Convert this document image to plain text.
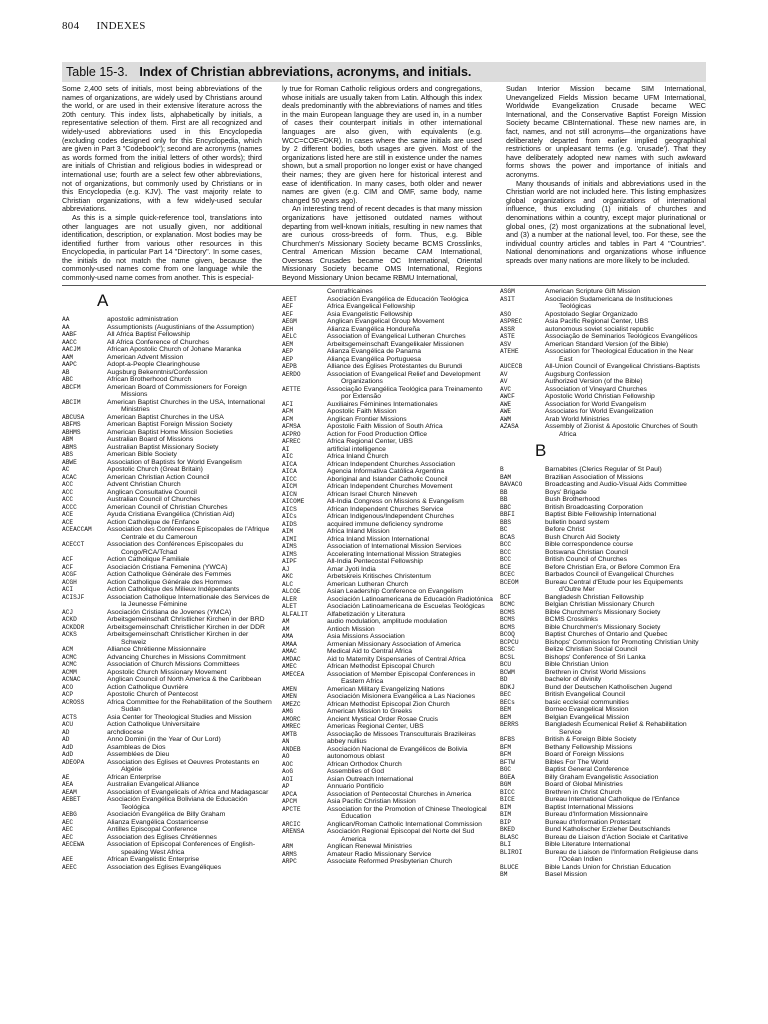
804 INDEXES
Table 15-3. Index of Christian abbreviations, acronyms, and initials.

Some 2,400 sets of initials, most being abbreviations of the names of organizations, are widely used by Christians around the world, or are used in their extensive literature across the 20th century. This index lists, alphabetically by initials, a representative selection of them. First are all recognized and widely-used abbreviations used in this Encyclopedia (excluding codes designed only for this Encyclopedia, which are given in Part 3 "Codebook"); second are acronyms (names as words formed from the initial letters of other words); third are initials of Christian and religious bodies in widespread or international use; fourth are a select few other abbreviations, not of organizations, but commonly used by Christians or in this Encyclopedia (e.g. KJV). The vast majority relate to Christian organizations, with a few widely-used secular abbreviations.

As this is a simple quick-reference tool, translations into other languages are not usually given, nor additional identification, description, or explanation. Most bodies may be identified further from various other resources in this Encyclopedia, in particular Part 14 "Directory". In some cases, the initials do not match the name given, because the commonly-used names come from one language while the commonly-used name comes from another. This is especial-

ly true for Roman Catholic religious orders and congregations, whose initials are usually taken from Latin. Although this index deals predominantly with the abbreviations of names and titles in the main European language they are used in, in a number of cases their counterpart initials in other international languages are also given, with equivalents (e.g. WCC=COE=OKR). In cases where the same initials are used by 2 different bodies, both usages are given. Most of the organizations listed here are still in existence under the names shown, but a small proportion no longer exist or have changed their names; they are given here for historical interest and ease of identification. In many cases, both older and newer names are given (e.g. CIM and OMF, same body, name changed 50 years ago).

An interesting trend of recent decades is that many mission organizations have jettisoned outdated names without departing from well-known initials, resulting in new names that are curious cross-breeds of form. Thus, e.g. Bible Churchmen's Missionary Society became BCMS Crosslinks, Central American Mission became CAM International, Overseas Crusades became OC International, Oriental Missionary Society became OMS International, Regions Beyond Missionary Union became RBMU International,

Sudan Interior Mission became SIM International, Unevangelized Fields Mission became UFM International, Worldwide Evangelization Crusade became WEC International, and the Conservative Baptist Foreign Mission Society became CBInternational. These new names are, in fact, names, and not still acronyms—the organizations have deliberately departed from earlier implied geographical restrictions or unpleasant terms (e.g. 'crusade'). That they have deliberately adopted new names with such awkward forms shows the power and importance of initials and acronyms.

Many thousands of initials and abbreviations used in the Christian world are not included here. This listing emphasizes global organizations and organizations of international influence, thus excluding (1) initials of churches and denominations within a country, except major plurinational or global ones, (2) most organizations at the subnational level, and (3) a number at the national level, too. For these, see the individual country articles and tables in Part 4 "Countries". National denominations and organizations whose influence spreads over many nations are more likely to be included.

A
AA	apostolic administration
AA	Assumptionists (Augustinians of the Assumption)
AABF	All Africa Baptist Fellowship
AACC	All Africa Conference of Churches
AACJM	African Apostolic Church of Johane Maranka
AAM	American Advent Mission
AAPC	Adopt-a-People Clearinghouse
AB	Augsburg Bekenntnis/Confession
ABC	African Brotherhood Church
ABCFM	American Board of Commissioners for Foreign Missions
ABCIM	American Baptist Churches in the USA, International Ministries
ABCUSA	American Baptist Churches in the USA
ABFMS	American Baptist Foreign Mission Society
ABHMS	American Baptist Home Mission Societies
ABM	Australian Board of Missions
ABMS	Australian Baptist Missionary Society
ABS	American Bible Society
ABWE	Association of Baptists for World Evangelism
AC	Apostolic Church (Great Britain)
ACAC	American Christian Action Council
ACC	Advent Christian Church
ACC	Anglican Consultative Council
ACC	Australian Council of Churches
ACCC	American Council of Christian Churches
ACE	Ayuda Cristiana Evangélica (Christian Aid)
ACE	Action Catholique de l'Enfance
ACEACCAM	Association des Conférences Episcopales de l'Afrique Centrale et du Cameroun
ACECCT	Association des Conférences Episcopales du Congo/RCA/Tchad
ACF	Action Catholique Familiale
ACF	Asociación Cristiana Femenina (YWCA)
ACGF	Action Catholique Générale des Femmes
ACGH	Action Catholique Générale des Hommes
ACI	Action Catholique des Milieux Indépendants
ACISJF	Association Catholique Internationale des Services de la Jeunesse Féminine
ACJ	Asociación Cristiana de Jovenes (YMCA)
ACKD	Arbeitsgemeinschaft Christlicher Kirchen in der BRD
ACKDDR	Arbeitsgemeinschaft Christlicher Kirchen in der DDR
ACKS	Arbeitsgemeinschaft Christlicher Kirchen in der Schweiz
ACM	Alliance Chrétienne Missionnaire
ACMC	Advancing Churches in Missions Commitment
ACMC	Association of Church Missions Committees
ACMM	Apostolic Church Missionary Movement
ACNAC	Anglican Council of North America & the Caribbean
ACO	Action Catholique Ouvrière
ACP	Apostolic Church of Pentecost
ACROSS	Africa Committee for the Rehabilitation of the Southern Sudan
ACTS	Asia Center for Theological Studies and Mission
ACU	Action Catholique Universitaire
AD	archdiocese
AD	Anno Domini (in the Year of Our Lord)
AdD	Asambleas de Dios
AdD	Assemblées de Dieu
ADEOPA	Association des Eglises et Oeuvres Protestants en Algérie
AE	African Enterprise
AEA	Australian Evangelical Alliance
AEAM	Association of Evangelicals of Africa and Madagascar
AEBET	Asociación Evangélica Boliviana de Educación Teológica
AEBG	Asociación Evangélica de Billy Graham
AEC	Alianza Evangélica Costarricense
AEC	Antilles Episcopal Conference
AEC	Association des Eglises Chrétiennes
AECEWA	Association of Episcopal Conferences of English-speaking West Africa
AEE	African Evangelistic Enterprise
AEEC	Association des Eglises Evangéliques
Centrafricaines
AEET	Asociación Evangélica de Educación Teológica
AEF	Africa Evangelical Fellowship
AEF	Asia Evangelistic Fellowship
AEGM	Anglican Evangelical Group Movement
AEH	Alianza Evangélica Hondureña
AELC	Association of Evangelical Lutheran Churches
AEM	Arbeitsgemeinschaft Evangelikaler Missionen
AEP	Alianza Evangélica de Panama
AEP	Aliança Evangélica Portuguesa
AEPB	Alliance des Eglises Protestantes du Burundi
AERDO	Association of Evangelical Relief and Development Organizations
AETTE	Associação Evangélica Teológica para Treinamento por Extensão
AFI	Auxiliaires Féminines Internationales
AFM	Apostolic Faith Mission
AFM	Anglican Frontier Missions
AFMSA	Apostolic Faith Mission of South Africa
AFPRO	Action for Food Production Office
AFREC	Africa Regional Center, UBS
AI	artificial intelligence
AIC	Africa Inland Church
AICA	African Independent Churches Association
AICA	Agencia Informativa Católica Argentina
AICC	Aboriginal and Islander Catholic Council
AICM	African Independent Churches Movement
AICN	African Israel Church Nineveh
AICOME	All-India Congress on Missions & Evangelism
AICS	African Independent Churches Service
AICs	African Indigenous/Independent Churches
AIDS	acquired immune deficiency syndrome
AIM	Africa Inland Mission
AIMI	Africa Inland Mission International
AIMS	Association of International Mission Services
AIMS	Accelerating International Mission Strategies
AIPF	All-India Pentecostal Fellowship
AJ	Amar Jyoti India
AKC	Arbetskreis Kritisches Christentum
ALC	American Lutheran Church
ALCOE	Asian Leadership Conference on Evangelism
ALER	Asociación Latinoamericana de Educación Radiotónica
ALET	Asociación Latinoamericana de Escuelas Teológicas
ALFALIT	Alfabetización y Literatura
AM	audio modulation, amplitude modulation
AM	Antioch Mission
AMA	Asia Missions Association
AMAA	Armenian Missionary Association of America
AMAC	Medical Aid to Central Africa
AMDAC	Aid to Maternity Dispensaries of Central Africa
AMEC	African Methodist Episcopal Church
AMECEA	Association of Member Episcopal Conferences in Eastern Africa
AMEN	American Military Evangelizing Nations
AMEN	Asociación Misionera Evangélica a Las Naciones
AMEZC	African Methodist Episcopal Zion Church
AMG	American Mission to Greeks
AMORC	Ancient Mystical Order Rosae Crucis
AMREC	Americas Regional Center, UBS
AMTB	Associação de Missoes Transculturais Brazileiras
AN	abbey nullius
ANDEB	Asociación Nacional de Evangélicos de Bolivia
AO	autonomous oblast
AOC	African Orthodox Church
AoG	Assemblies of God
AOI	Asian Outreach International
AP	Annuario Pontificio
APCA	Association of Pentecostal Churches in America
APCM	Asia Pacific Christian Mission
APCTE	Association for the Promotion of Chinese Theological Education
ARCIC	Anglican/Roman Catholic International Commission
ARENSA	Asociación Regional Episcopal del Norte del Sud America
ARM	Anglican Renewal Ministries
ARMS	Amateur Radio Missionary Service
ARPC	Associate Reformed Presbyterian Church
ASGM	American Scripture Gift Mission
ASIT	Asociación Sudamericana de Instituciones Teológicas
ASO	Apostolado Seglar Organizado
ASPREC	Asia Pacific Regional Center, UBS
ASSR	autonomous soviet socialist republic
ASTE	Associação de Seminarios Teológicos Evangélicos
ASV	American Standard Version (of the Bible)
ATEHE	Association for Theological Education in the Near East
AUCECB	All-Union Council of Evangelical Christians-Baptists
AV	Augsburg Confession
AV	Authorized Version (of the Bible)
AVC	Association of Vineyard Churches
AWCF	Apostolic World Christian Fellowship
AWE	Association for World Evangelism
AWE	Associates for World Evangelization
AWM	Arab World Ministries
AZASA	Assembly of Zionist & Apostolic Churches of South Africa
B
B	Barnabites (Clerics Regular of St Paul)
BAM	Brazilian Association of Missions
BAVACO	Broadcasting and Audio-Visual Aids Committee
BB	Boys' Brigade
BB	Bush Brotherhood
BBC	British Broadcasting Corporation
BBFI	Baptist Bible Fellowship International
BBS	bulletin board system
BC	Before Christ
BCAS	Bush Church Aid Society
BCC	Bible correspondence course
BCC	Botswana Christian Council
BCC	British Council of Churches
BCE	Before Christian Era, or Before Common Era
BCEC	Barbados Council of Evangelical Churches
BCEOM	Bureau Central d'Etude pour les Equipements d'Outre Mer
BCF	Bangladesh Christian Fellowship
BCMC	Belgian Christian Missionary Church
BCMS	Bible Churchmen's Missionary Society
BCMS	BCMS Crosslinks
BCMS	Bible Churchmen's Missionary Society
BCOQ	Baptist Churches of Ontario and Quebec
BCPCU	Bishops' Commission for Promoting Christian Unity
BCSC	Belize Christian Social Council
BCSL	Bishops' Conference of Sri Lanka
BCU	Bible Christian Union
BCWM	Brethren in Christ World Missions
BD	bachelor of divinity
BDKJ	Bund der Deutschen Katholischen Jugend
BEC	British Evangelical Council
BECs	basic ecclesial communities
BEM	Borneo Evangelical Mission
BEM	Belgian Evangelical Mission
BERRS	Bangladesh Ecumenical Relief & Rehabilitation Service
BFBS	British & Foreign Bible Society
BFM	Bethany Fellowship Missions
BFM	Board of Foreign Missions
BFTW	Bibles For The World
BGC	Baptist General Conference
BGEA	Billy Graham Evangelistic Association
BGM	Board of Global Ministries
BICC	Brethren in Christ Church
BICE	Bureau International Catholique de l'Enfance
BIM	Baptist International Missions
BIM	Bureau d'Information Missionnaire
BIP	Bureau d'Information Protestant
BKED	Bund Katholischer Erzieher Deutschlands
BLASC	Bureau de Liaison d'Action Sociale et Caritative
BLI	Bible Literature International
BLIROI	Bureau de Liaison de l'Information Religieuse dans l'Océan Indien
BLUCE	Bible Lands Union for Christian Education
BM	Basel Mission
